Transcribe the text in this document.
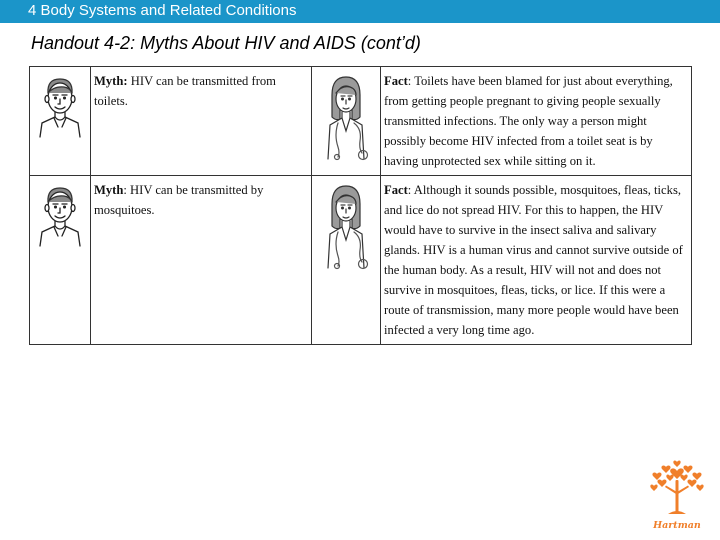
4 Body Systems and Related Conditions
Handout 4-2: Myths About HIV and AIDS (cont’d)
	Myth: HIV can be transmitted from toilets.		Fact: Toilets have been blamed for just about everything, from getting people pregnant to giving people sexually transmitted infections. The only way a person might possibly become HIV infected from a toilet seat is by having unprotected sex while sitting on it.
	Myth: HIV can be transmitted by mosquitoes.		Fact: Although it sounds possible, mosquitoes, fleas, ticks, and lice do not spread HIV. For this to happen, the HIV would have to survive in the insect saliva and salivary glands. HIV is a human virus and cannot survive outside of the human body. As a result, HIV will not and does not survive in mosquitoes, fleas, ticks, or lice. If this were a route of transmission, many more people would have been infected a very long time ago.
Hartman
